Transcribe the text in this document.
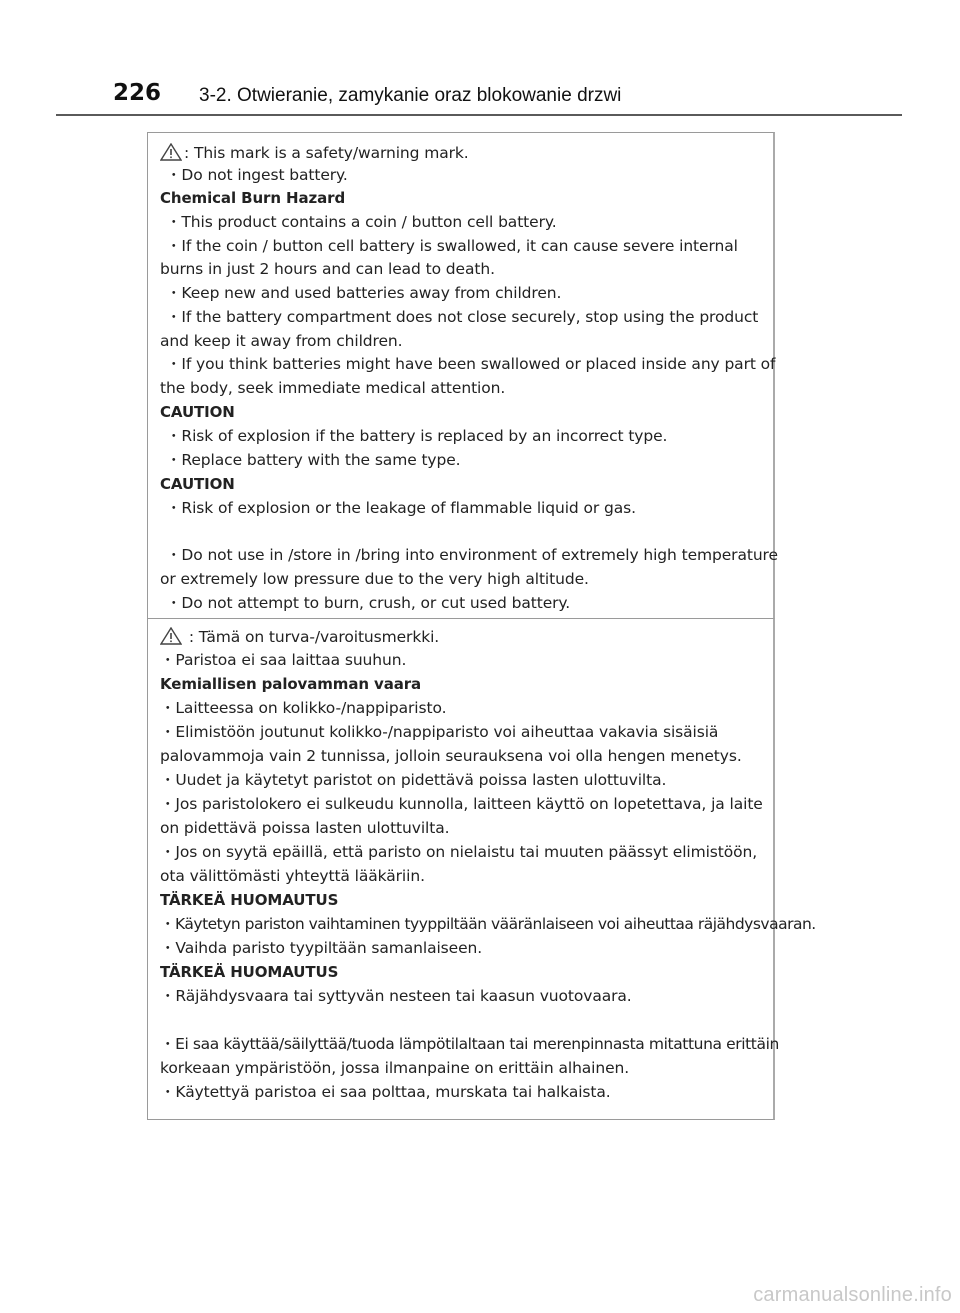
226 3-2. Otwieranie, zamykanie oraz blokowanie drzwi
: This mark is a safety/warning mark.
・Do not ingest battery.
Chemical Burn Hazard
・This product contains a coin / button cell battery.
・If the coin / button cell battery is swallowed, it can cause severe internal
burns in just 2 hours and can lead to death.
・Keep new and used batteries away from children.
・If the battery compartment does not close securely, stop using the product
and keep it away from children.
・If you think batteries might have been swallowed or placed inside any part of
the body, seek immediate medical attention.
CAUTION
・Risk of explosion if the battery is replaced by an incorrect type.
・Replace battery with the same type.
CAUTION
・Risk of explosion or the leakage of flammable liquid or gas.
・Do not use in /store in /bring into environment of extremely high temperature
or extremely low pressure due to the very high altitude.
・Do not attempt to burn, crush, or cut used battery.
: Tämä on turva-/varoitusmerkki.
・Paristoa ei saa laittaa suuhun.
Kemiallisen palovamman vaara
・Laitteessa on kolikko-/nappiparisto.
・Elimistöön joutunut kolikko-/nappiparisto voi aiheuttaa vakavia sisäisiä
palovammoja vain 2 tunnissa, jolloin seurauksena voi olla hengen menetys.
・Uudet ja käytetyt paristot on pidettävä poissa lasten ulottuvilta.
・Jos paristolokero ei sulkeudu kunnolla, laitteen käyttö on lopetettava, ja laite
on pidettävä poissa lasten ulottuvilta.
・Jos on syytä epäillä, että paristo on nielaistu tai muuten päässyt elimistöön,
ota välittömästi yhteyttä lääkäriin.
TÄRKEÄ HUOMAUTUS
・Käytetyn pariston vaihtaminen tyyppiltään vääränlaiseen voi aiheuttaa räjähdysvaaran.
・Vaihda paristo tyypiltään samanlaiseen.
TÄRKEÄ HUOMAUTUS
・Räjähdysvaara tai syttyvän nesteen tai kaasun vuotovaara.
・Ei saa käyttää/säilyttää/tuoda lämpötilaltaan tai merenpinnasta mitattuna erittäin
korkeaan ympäristöön, jossa ilmanpaine on erittäin alhainen.
・Käytettyä paristoa ei saa polttaa, murskata tai halkaista.
carmanualsonline.info
